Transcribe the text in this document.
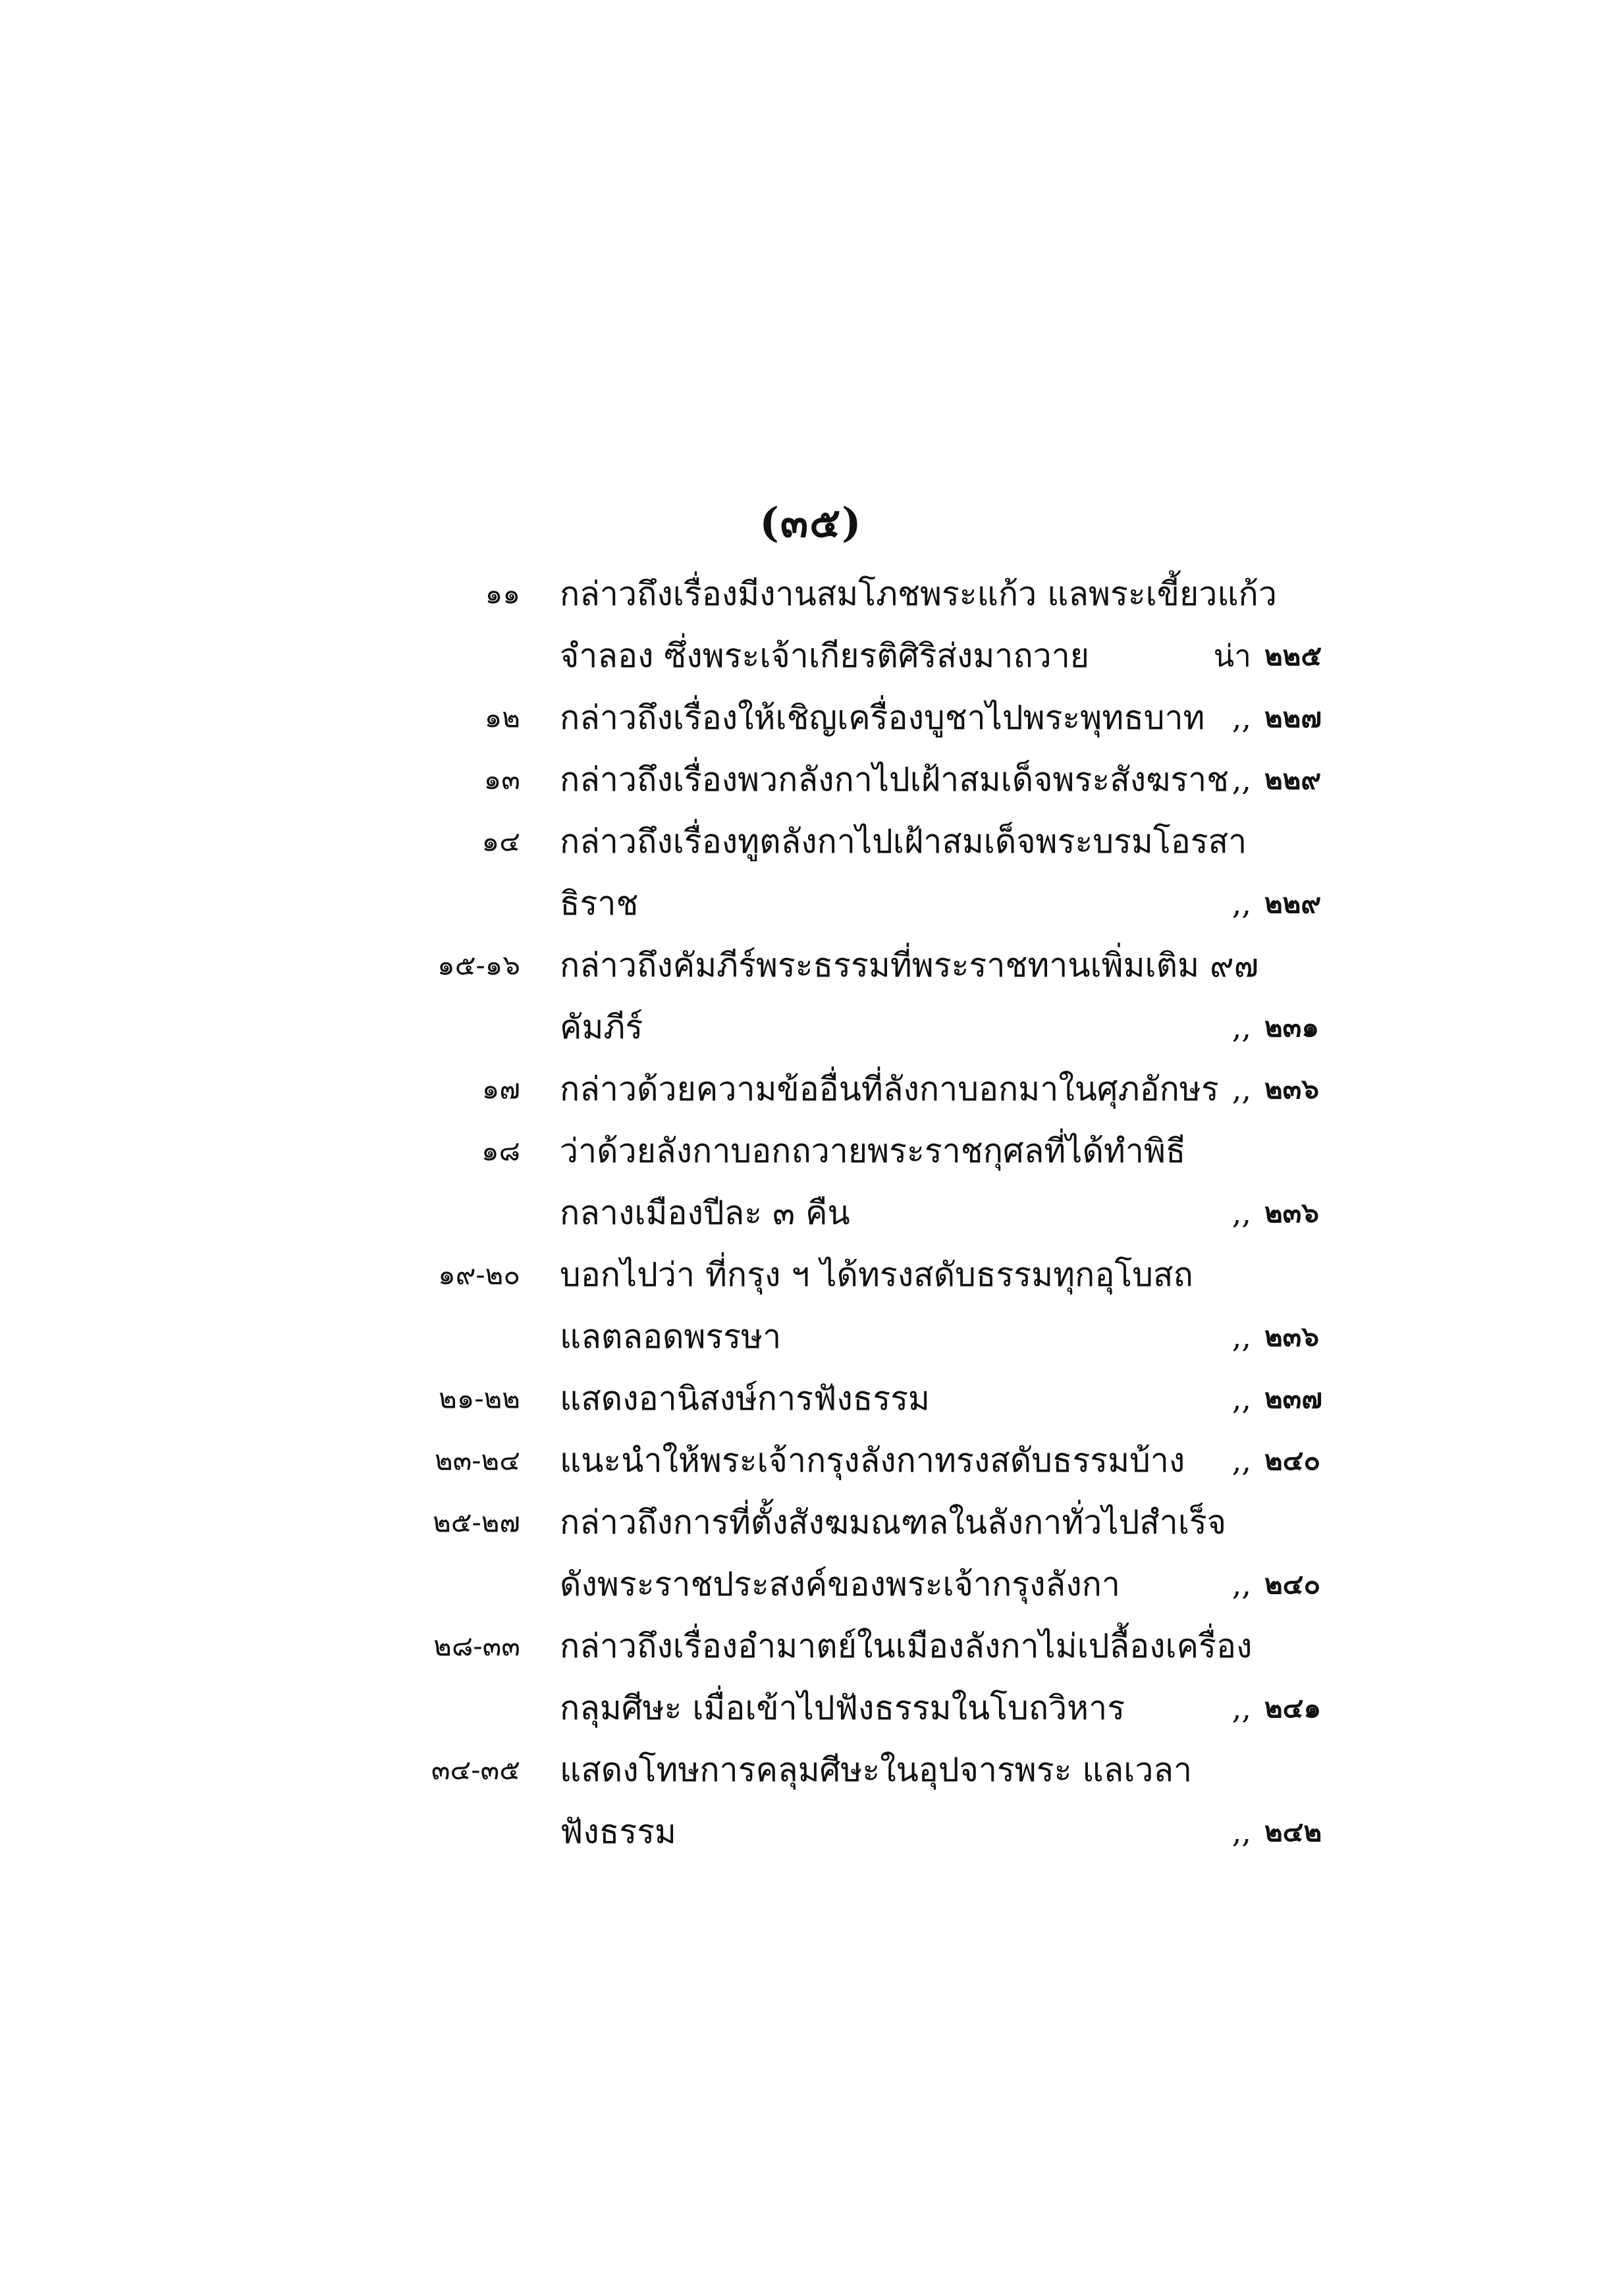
(๓๕)
๑๑ กล่าวถึงเรื่องมีงานสมโภชพระแก้ว แลพระเขี้ยวแก้ว
จำลอง ซึ่งพระเจ้าเกียรติศิริส่งมาถวาย	น่า ๒๒๕
๑๒ กล่าวถึงเรื่องให้เชิญเครื่องบูชาไปพระพุทธบาท ,, ๒๒๗
๑๓ กล่าวถึงเรื่องพวกลังกาไปเฝ้าสมเด็จพระสังฆราช ,, ๒๒๙
๑๔ กล่าวถึงเรื่องทูตลังกาไปเฝ้าสมเด็จพระบรมโอรสา
ธิราช	,, ๒๒๙
๑๕-๑๖ กล่าวถึงคัมภีร์พระธรรมที่พระราชทานเพิ่มเติม ๙๗
คัมภีร์	,, ๒๓๑
๑๗ กล่าวด้วยความข้ออื่นที่ลังกาบอกมาในศุภอักษร ,, ๒๓๖
๑๘ ว่าด้วยลังกาบอกถวายพระราชกุศลที่ได้ทำพิธี
กลางเมืองปีละ ๓ คืน	,, ๒๓๖
๑๙-๒๐ บอกไปว่า ที่กรุง ฯ ได้ทรงสดับธรรมทุกอุโบสถ
แลตลอดพรรษา	,, ๒๓๖
๒๑-๒๒ แสดงอานิสงษ์การฟังธรรม	,, ๒๓๗
๒๓-๒๔ แนะนำให้พระเจ้ากรุงลังกาทรงสดับธรรมบ้าง	,, ๒๔๐
๒๕-๒๗ กล่าวถึงการที่ตั้งสังฆมณฑลในลังกาทั่วไปสำเร็จ
ดังพระราชประสงค์ของพระเจ้ากรุงลังกา	,, ๒๔๐
๒๘-๓๓ กล่าวถึงเรื่องอำมาตย์ในเมืองลังกาไม่เปลื้องเครื่อง
กลุมศีษะ เมื่อเข้าไปฟังธรรมในโบถวิหาร	,, ๒๔๑
๓๔-๓๕ แสดงโทษการคลุมศีษะในอุปจารพระ แลเวลา
ฟังธรรม	,, ๒๔๒
